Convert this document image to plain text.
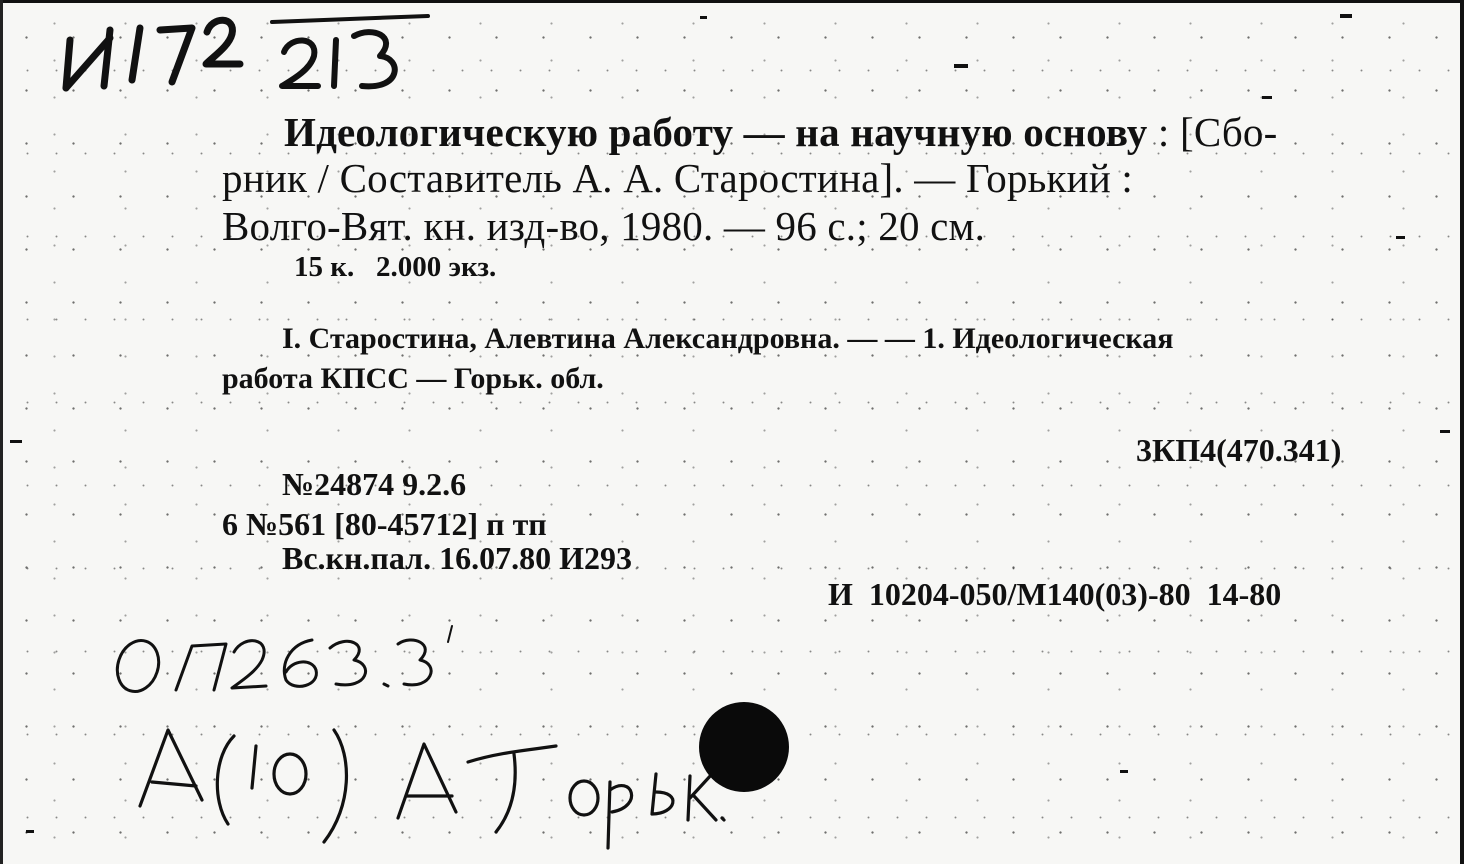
Идеологическую работу — на научную основу : [Сбо-

рник / Составитель А. А. Старостина]. — Горький :

Волго-Вят. кн. изд-во, 1980. — 96 с.; 20 см.

15 к.   2.000 экз.

I. Старостина, Алевтина Александровна. — — 1. Идеологическая

работа КПСС — Горьк. обл.

3КП4(470.341)

№24874 9.2.6

6 №561 [80-45712] п тп

Вс.кн.пал. 16.07.80 И293

И  10204-050/М140(03)-80  14-80
